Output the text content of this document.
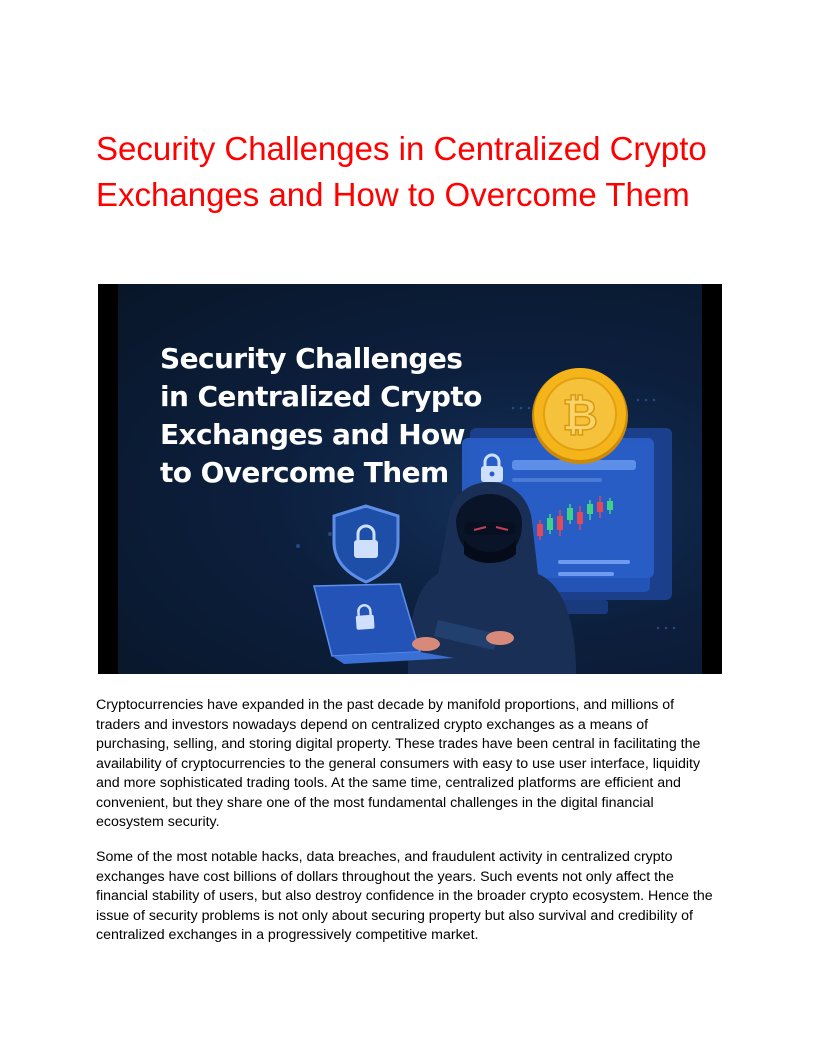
Security Challenges in Centralized Crypto Exchanges and How to Overcome Them
₿
Security Challenges in Centralized Crypto Exchanges and How to Overcome Them

Cryptocurrencies have expanded in the past decade by manifold proportions, and millions of traders and investors nowadays depend on centralized crypto exchanges as a means of purchasing, selling, and storing digital property. These trades have been central in facilitating the availability of cryptocurrencies to the general consumers with easy to use user interface, liquidity and more sophisticated trading tools. At the same time, centralized platforms are efficient and convenient, but they share one of the most fundamental challenges in the digital financial ecosystem security.

Some of the most notable hacks, data breaches, and fraudulent activity in centralized crypto exchanges have cost billions of dollars throughout the years. Such events not only affect the financial stability of users, but also destroy confidence in the broader crypto ecosystem. Hence the issue of security problems is not only about securing property but also survival and credibility of centralized exchanges in a progressively competitive market.
